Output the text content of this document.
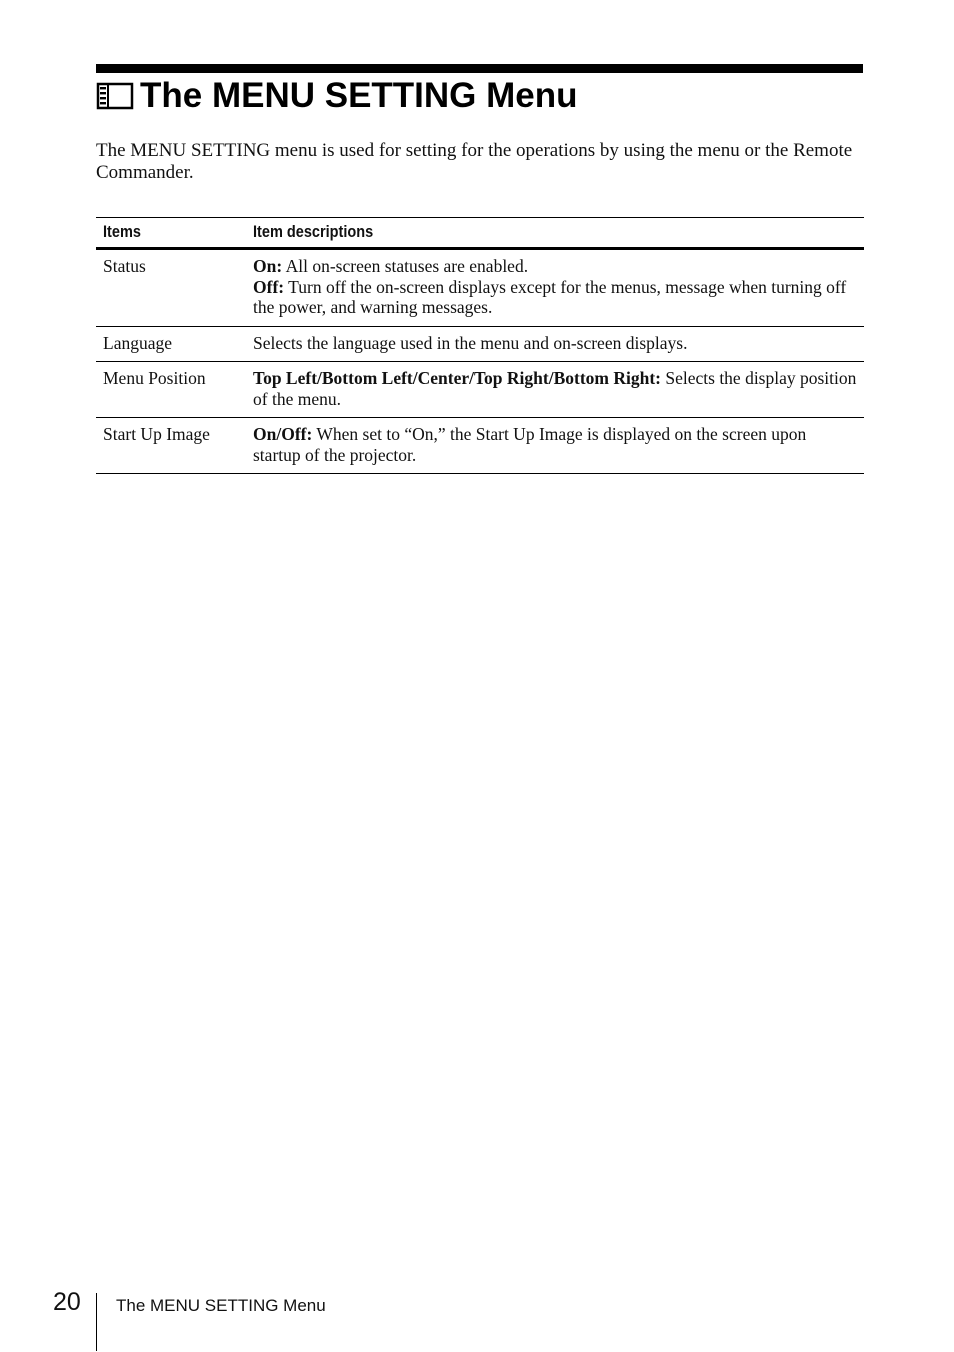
The MENU SETTING Menu

The MENU SETTING menu is used for setting for the operations by using the menu or the Remote Commander.

Items	Item descriptions
Status	On: All on-screen statuses are enabled.
Off: Turn off the on-screen displays except for the menus, message when turning off the power, and warning messages.

Language	Selects the language used in the menu and on-screen displays.

Menu Position	Top Left/Bottom Left/Center/Top Right/Bottom Right: Selects the display position of the menu.

Start Up Image	On/Off: When set to “On,” the Start Up Image is displayed on the screen upon startup of the projector.
20 The MENU SETTING Menu
